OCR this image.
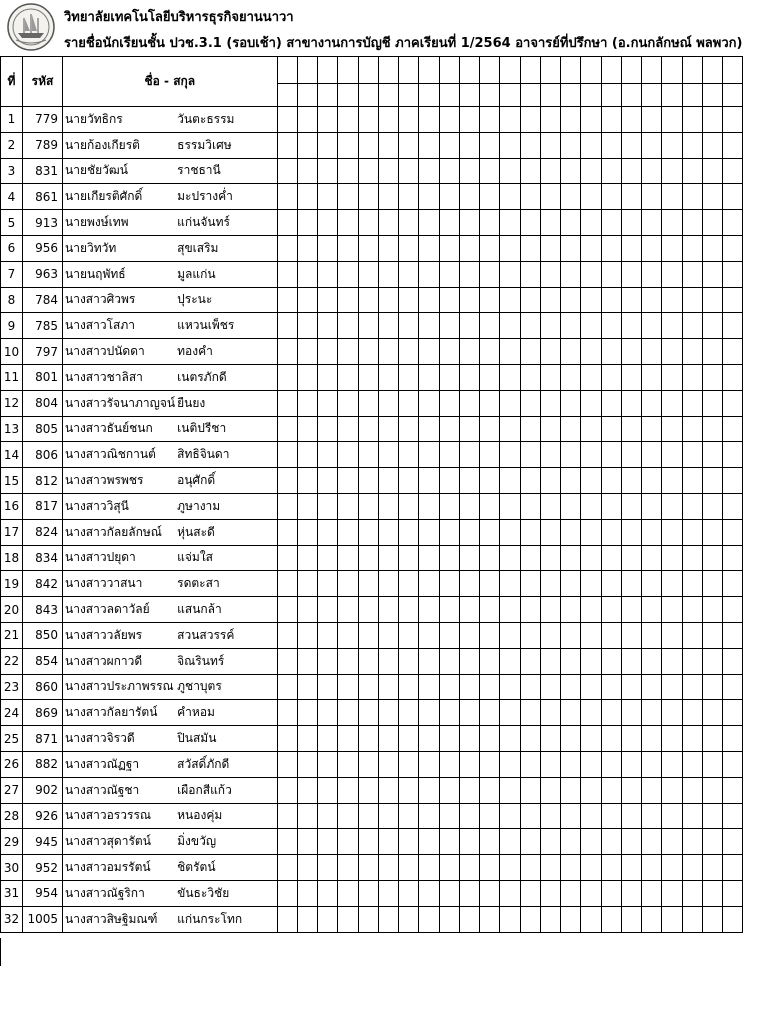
วิทยาลัยเทคโนโลยีบริหารธุรกิจยานนาวา
รายชื่อนักเรียนชั้น ปวช.3.1 (รอบเช้า) สาขางานการบัญชี ภาคเรียนที่ 1/2564 อาจารย์ที่ปรึกษา (อ.กนกลักษณ์ พลพวก)
ที่	รหัส	ชื่อ - สกุล																								
1	779	นายวัทธิกร	วันตะธรรม																							
2	789	นายก้องเกียรติ	ธรรมวิเศษ																							
3	831	นายชัยวัฒน์	ราชธานี																							
4	861	นายเกียรติศักดิ์	มะปรางค่ำ																							
5	913	นายพงษ์เทพ	แก่นจันทร์																							
6	956	นายวิทวัท	สุขเสริม																							
7	963	นายนฤพัทธ์	มูลแก่น																							
8	784	นางสาวศิวพร	ปุระนะ																							
9	785	นางสาวโสภา	แหวนเพ็ชร																							
10	797	นางสาวปนัดดา	ทองคำ																							
11	801	นางสาวชาลิสา	เนตรภักดี																							
12	804	นางสาวรัจนาภาญจน์	ยืนยง																							
13	805	นางสาวธันย์ชนก	เนติปรีชา																							
14	806	นางสาวณิชกานต์	สิทธิจินดา																							
15	812	นางสาวพรพชร	อนุศักดิ์																							
16	817	นางสาววิสุนี	ภูษางาม																							
17	824	นางสาวกัลยลักษณ์	หุ่นสะดี																							
18	834	นางสาวปยุดา	แจ่มใส																							
19	842	นางสาววาสนา	รดตะสา																							
20	843	นางสาวลดาวัลย์	แสนกล้า																							
21	850	นางสาววลัยพร	สวนสวรรค์																							
22	854	นางสาวผกาวดี	จิณรินทร์																							
23	860	นางสาวประภาพรรณ	ภูชาบุตร																							
24	869	นางสาวกัลยารัตน์	คำหอม																							
25	871	นางสาวจิรวดี	ปินสมัน																							
26	882	นางสาวณัฏฐา	สวัสดิ์ภักดี																							
27	902	นางสาวณัฐชา	เผือกสีแก้ว																							
28	926	นางสาวอรวรรณ	หนองคุ่ม																							
29	945	นางสาวสุดารัตน์	มิ่งขวัญ																							
30	952	นางสาวอมรรัตน์	ชิตรัตน์																							
31	954	นางสาวณัฐริกา	ขันธะวิชัย																							
32	1005	นางสาวสิษฐิมณฑ์	แก่นกระโทก																							
